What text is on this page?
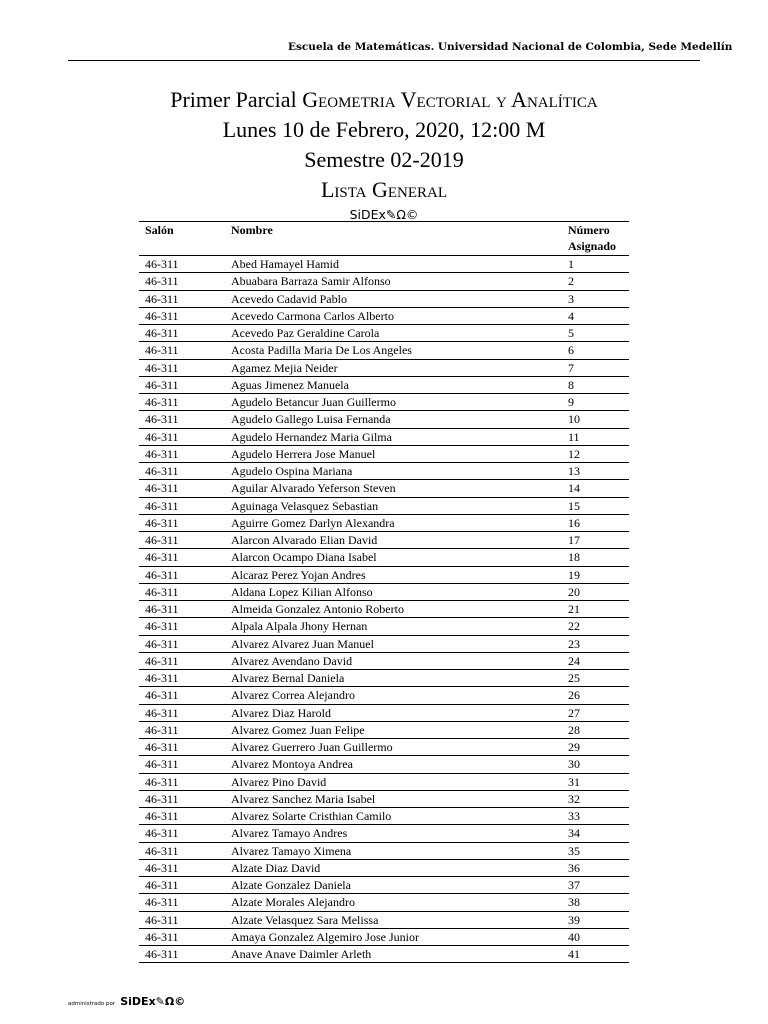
Escuela de Matemáticas. Universidad Nacional de Colombia, Sede Medellín
Primer Parcial Geometria Vectorial y Analítica
Lunes 10 de Febrero, 2020, 12:00 M
Semestre 02-2019
Lista General
SiDEx✎Ω©
Salón	Nombre	Número
Asignado
46-311	Abed Hamayel Hamid	1
46-311	Abuabara Barraza Samir Alfonso	2
46-311	Acevedo Cadavid Pablo	3
46-311	Acevedo Carmona Carlos Alberto	4
46-311	Acevedo Paz Geraldine Carola	5
46-311	Acosta Padilla Maria De Los Angeles	6
46-311	Agamez Mejia Neider	7
46-311	Aguas Jimenez Manuela	8
46-311	Agudelo Betancur Juan Guillermo	9
46-311	Agudelo Gallego Luisa Fernanda	10
46-311	Agudelo Hernandez Maria Gilma	11
46-311	Agudelo Herrera Jose Manuel	12
46-311	Agudelo Ospina Mariana	13
46-311	Aguilar Alvarado Yeferson Steven	14
46-311	Aguinaga Velasquez Sebastian	15
46-311	Aguirre Gomez Darlyn Alexandra	16
46-311	Alarcon Alvarado Elian David	17
46-311	Alarcon Ocampo Diana Isabel	18
46-311	Alcaraz Perez Yojan Andres	19
46-311	Aldana Lopez Kilian Alfonso	20
46-311	Almeida Gonzalez Antonio Roberto	21
46-311	Alpala Alpala Jhony Hernan	22
46-311	Alvarez Alvarez Juan Manuel	23
46-311	Alvarez Avendano David	24
46-311	Alvarez Bernal Daniela	25
46-311	Alvarez Correa Alejandro	26
46-311	Alvarez Diaz Harold	27
46-311	Alvarez Gomez Juan Felipe	28
46-311	Alvarez Guerrero Juan Guillermo	29
46-311	Alvarez Montoya Andrea	30
46-311	Alvarez Pino David	31
46-311	Alvarez Sanchez Maria Isabel	32
46-311	Alvarez Solarte Cristhian Camilo	33
46-311	Alvarez Tamayo Andres	34
46-311	Alvarez Tamayo Ximena	35
46-311	Alzate Diaz David	36
46-311	Alzate Gonzalez Daniela	37
46-311	Alzate Morales Alejandro	38
46-311	Alzate Velasquez Sara Melissa	39
46-311	Amaya Gonzalez Algemiro Jose Junior	40
46-311	Anave Anave Daimler Arleth	41
administrado por SiDEx✎Ω©
